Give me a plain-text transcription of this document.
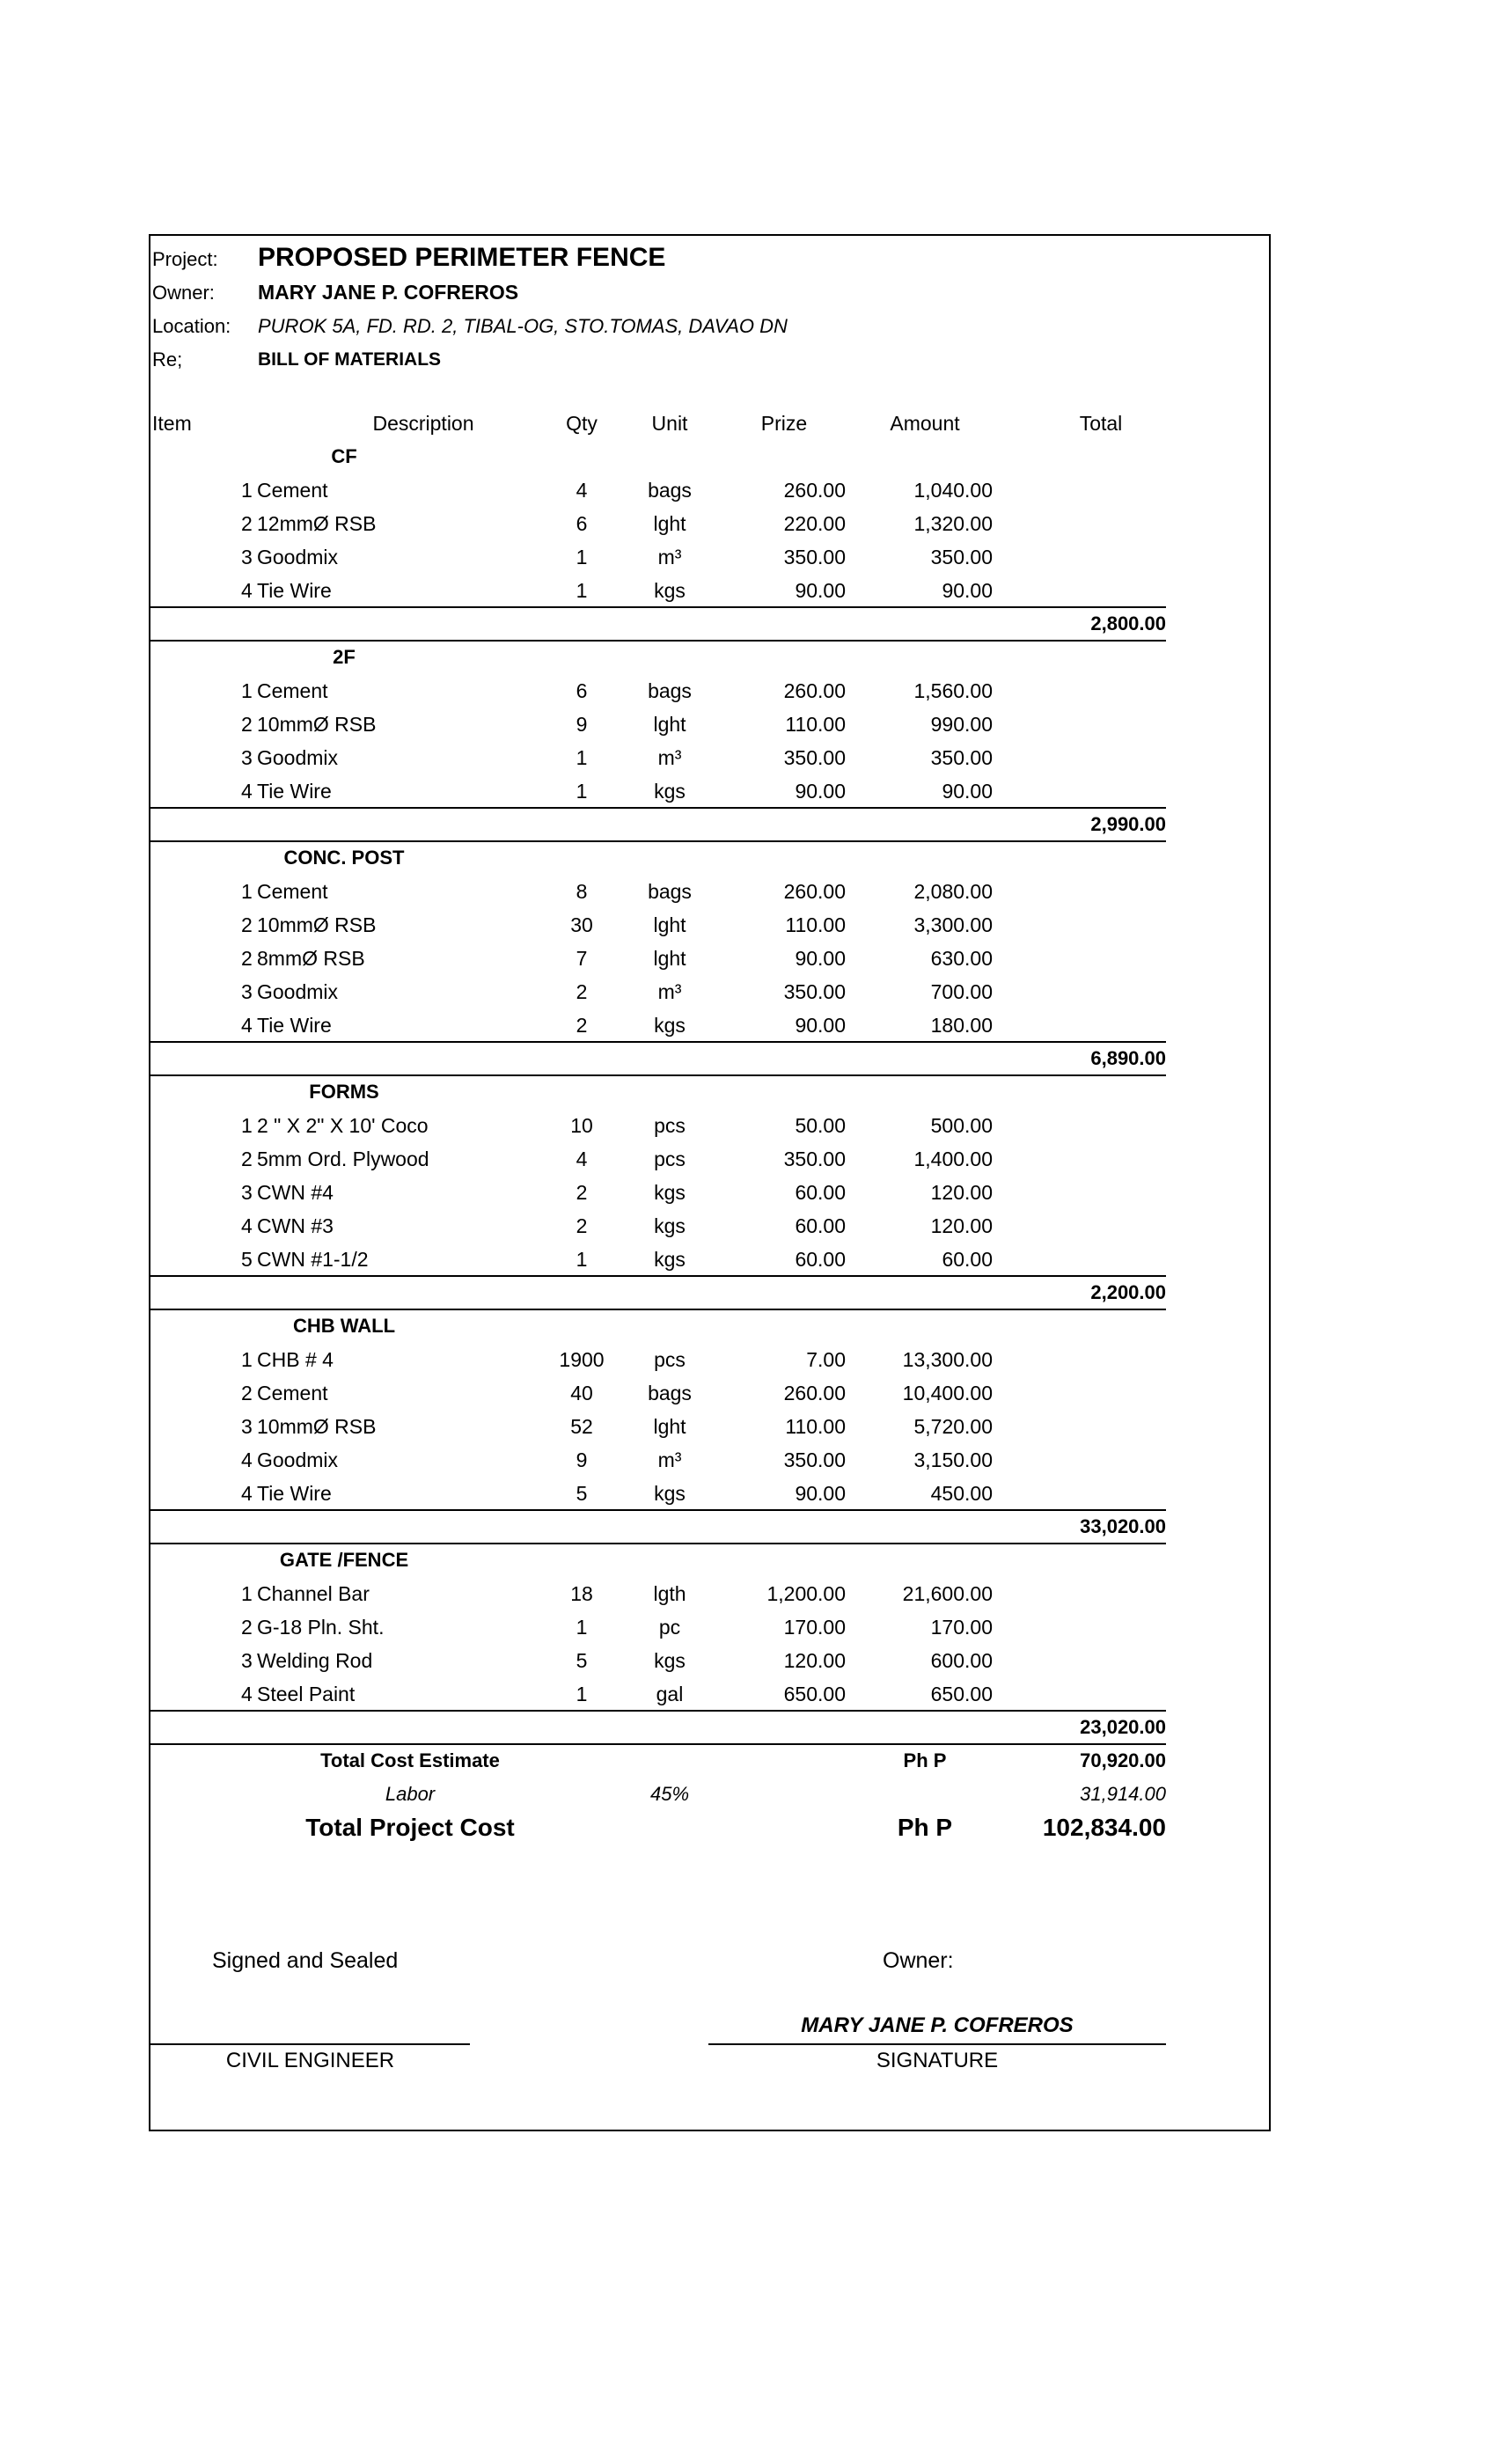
Project: PROPOSED PERIMETER FENCE
Owner: MARY JANE P. COFREROS
Location: PUROK 5A, FD. RD. 2, TIBAL-OG, STO.TOMAS, DAVAO DN
Re;	BILL OF MATERIALS
Item	Description	Qty	Unit	Prize	Amount	Total
CF
1 Cement	4	bags	260.00	1,040.00
2 12mmØ RSB	6	lght	220.00	1,320.00
3 Goodmix	1	m³	350.00	350.00
4 Tie Wire	1	kgs	90.00	90.00
2,800.00
2F
1 Cement	6	bags	260.00	1,560.00
2 10mmØ RSB	9	lght	110.00	990.00
3 Goodmix	1	m³	350.00	350.00
4 Tie Wire	1	kgs	90.00	90.00
2,990.00
CONC. POST
1 Cement	8	bags	260.00	2,080.00
2 10mmØ RSB	30	lght	110.00	3,300.00
2 8mmØ RSB	7	lght	90.00	630.00
3 Goodmix	2	m³	350.00	700.00
4 Tie Wire	2	kgs	90.00	180.00
6,890.00
FORMS
1 2 " X 2" X 10' Coco	10	pcs	50.00	500.00
2 5mm Ord. Plywood	4	pcs	350.00	1,400.00
3 CWN #4	2	kgs	60.00	120.00
4 CWN #3	2	kgs	60.00	120.00
5 CWN #1-1/2	1	kgs	60.00	60.00
2,200.00
CHB WALL
1 CHB # 4	1900	pcs	7.00	13,300.00
2 Cement	40	bags	260.00	10,400.00
3 10mmØ RSB	52	lght	110.00	5,720.00
4 Goodmix	9	m³	350.00	3,150.00
4 Tie Wire	5	kgs	90.00	450.00
33,020.00
GATE /FENCE
1 Channel Bar	18	lgth	1,200.00	21,600.00
2 G-18 Pln. Sht.	1	pc	170.00	170.00
3 Welding Rod	5	kgs	120.00	600.00
4 Steel Paint	1	gal	650.00	650.00
23,020.00
Total Cost Estimate	Ph P	70,920.00
Labor	45%	31,914.00
Total Project Cost	Ph P	102,834.00
Signed and Sealed	Owner:
MARY JANE P. COFREROS
CIVIL ENGINEER	SIGNATURE
